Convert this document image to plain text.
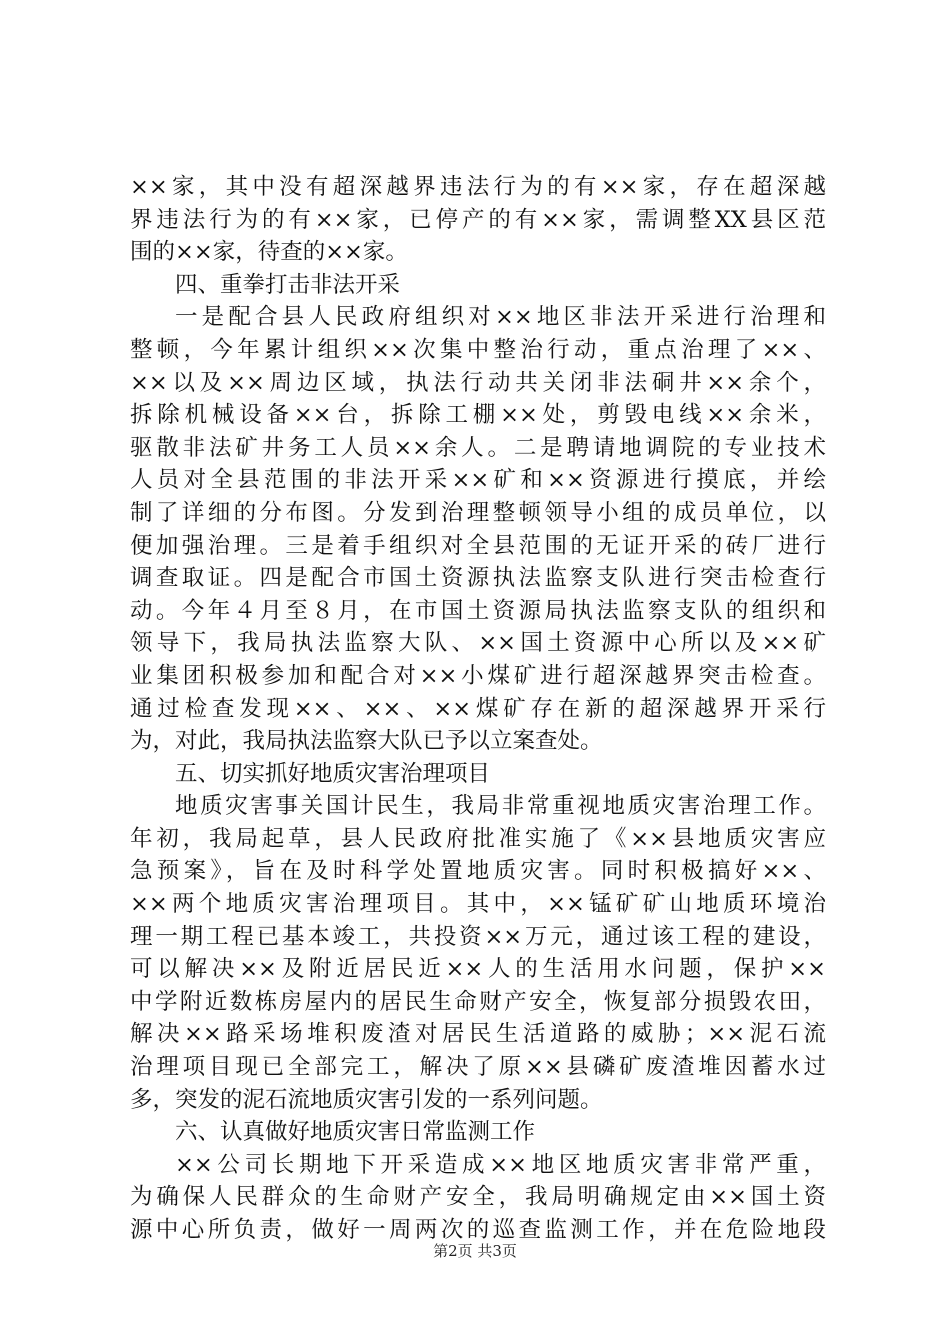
××家，其中没有超深越界违法行为的有××家，存在超深越
界违法行为的有××家，已停产的有××家，需调整XX县区范
围的××家，待查的××家。
四、重拳打击非法开采
一是配合县人民政府组织对××地区非法开采进行治理和
整顿，今年累计组织××次集中整治行动，重点治理了××、
××以及××周边区域，执法行动共关闭非法硐井××余个，
拆除机械设备××台，拆除工棚××处，剪毁电线××余米，
驱散非法矿井务工人员××余人。二是聘请地调院的专业技术
人员对全县范围的非法开采××矿和××资源进行摸底，并绘
制了详细的分布图。分发到治理整顿领导小组的成员单位，以
便加强治理。三是着手组织对全县范围的无证开采的砖厂进行
调查取证。四是配合市国土资源执法监察支队进行突击检查行
动。今年４月至８月，在市国土资源局执法监察支队的组织和
领导下，我局执法监察大队、××国土资源中心所以及××矿
业集团积极参加和配合对××小煤矿进行超深越界突击检查。
通过检查发现××、××、××煤矿存在新的超深越界开采行
为，对此，我局执法监察大队已予以立案查处。
五、切实抓好地质灾害治理项目
地质灾害事关国计民生，我局非常重视地质灾害治理工作。
年初，我局起草，县人民政府批准实施了《××县地质灾害应
急预案》，旨在及时科学处置地质灾害。同时积极搞好××、
××两个地质灾害治理项目。其中，××锰矿矿山地质环境治
理一期工程已基本竣工，共投资××万元，通过该工程的建设，
可以解决××及附近居民近××人的生活用水问题，保护××
中学附近数栋房屋内的居民生命财产安全，恢复部分损毁农田，
解决××路采场堆积废渣对居民生活道路的威胁；××泥石流
治理项目现已全部完工，解决了原××县磷矿废渣堆因蓄水过
多，突发的泥石流地质灾害引发的一系列问题。
六、认真做好地质灾害日常监测工作
××公司长期地下开采造成××地区地质灾害非常严重，
为确保人民群众的生命财产安全，我局明确规定由××国土资
源中心所负责，做好一周两次的巡查监测工作，并在危险地段
第2页 共3页
